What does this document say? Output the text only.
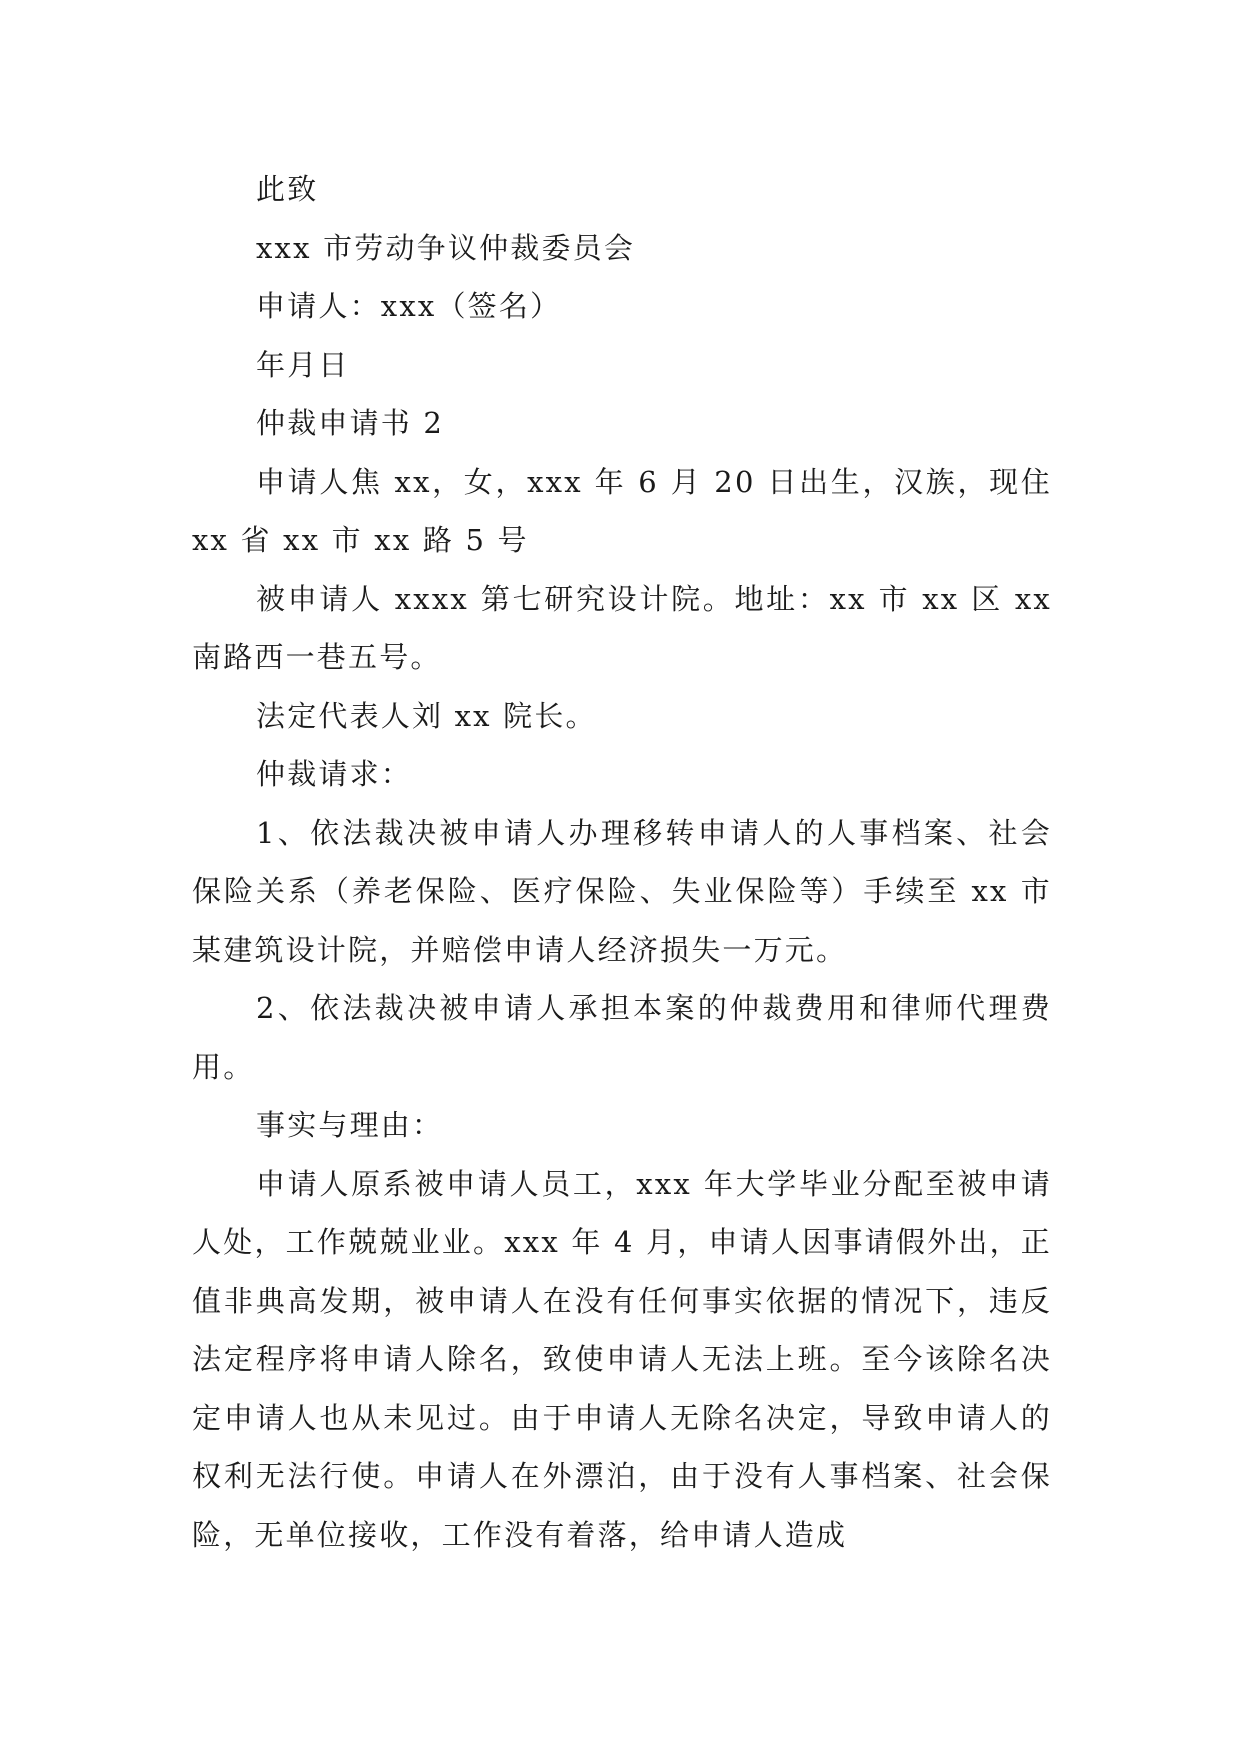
此致

xxx 市劳动争议仲裁委员会

申请人：xxx（签名）

年月日

仲裁申请书 2

申请人焦 xx，女，xxx 年 6 月 20 日出生，汉族，现住 xx 省 xx 市 xx 路 5 号

被申请人 xxxx 第七研究设计院。地址：xx 市 xx 区 xx 南路西一巷五号。

法定代表人刘 xx 院长。

仲裁请求：

1、依法裁决被申请人办理移转申请人的人事档案、社会保险关系（养老保险、医疗保险、失业保险等）手续至 xx 市某建筑设计院，并赔偿申请人经济损失一万元。

2、依法裁决被申请人承担本案的仲裁费用和律师代理费用。

事实与理由：

申请人原系被申请人员工，xxx 年大学毕业分配至被申请人处，工作兢兢业业。xxx 年 4 月，申请人因事请假外出，正值非典高发期，被申请人在没有任何事实依据的情况下，违反法定程序将申请人除名，致使申请人无法上班。至今该除名决定申请人也从未见过。由于申请人无除名决定，导致申请人的权利无法行使。申请人在外漂泊，由于没有人事档案、社会保险，无单位接收，工作没有着落，给申请人造成
